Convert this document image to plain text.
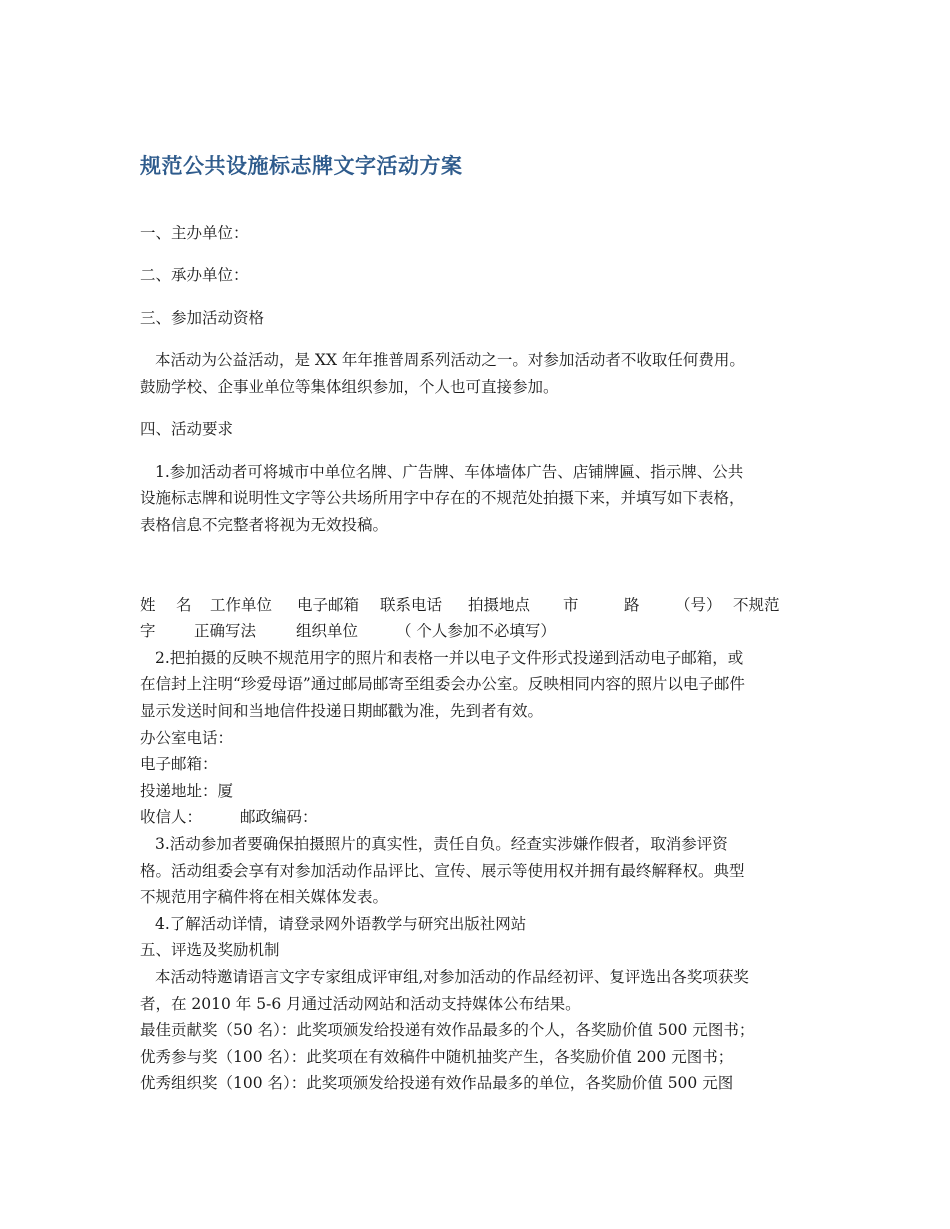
规范公共设施标志牌文字活动方案
一、主办单位：
二、承办单位：
三、参加活动资格
本活动为公益活动，是 XX 年年推普周系列活动之一。对参加活动者不收取任何费用。
鼓励学校、企事业单位等集体组织参加，个人也可直接参加。
四、活动要求
1.参加活动者可将城市中单位名牌、广告牌、车体墙体广告、店铺牌匾、指示牌、公共
设施标志牌和说明性文字等公共场所用字中存在的不规范处拍摄下来，并填写如下表格，
表格信息不完整者将视为无效投稿。
姓 名 工作单位 电子邮箱 联系电话 拍摄地点 市	路 （号） 不规范
字 正确写法	组织单位 （ 个人参加不必填写）
2.把拍摄的反映不规范用字的照片和表格一并以电子文件形式投递到活动电子邮箱，或
在信封上注明“珍爱母语”通过邮局邮寄至组委会办公室。反映相同内容的照片以电子邮件
显示发送时间和当地信件投递日期邮戳为准，先到者有效。
办公室电话：
电子邮箱：
投递地址：厦
收信人： 邮政编码：
3.活动参加者要确保拍摄照片的真实性，责任自负。经查实涉嫌作假者，取消参评资
格。活动组委会享有对参加活动作品评比、宣传、展示等使用权并拥有最终解释权。典型
不规范用字稿件将在相关媒体发表。
4.了解活动详情，请登录网外语教学与研究出版社网站
五、评选及奖励机制
本活动特邀请语言文字专家组成评审组,对参加活动的作品经初评、复评选出各奖项获奖
者，在 2010 年 5-6 月通过活动网站和活动支持媒体公布结果。
最佳贡献奖（50 名）：此奖项颁发给投递有效作品最多的个人，各奖励价值 500 元图书；
优秀参与奖（100 名）：此奖项在有效稿件中随机抽奖产生，各奖励价值 200 元图书；
优秀组织奖（100 名）：此奖项颁发给投递有效作品最多的单位，各奖励价值 500 元图
